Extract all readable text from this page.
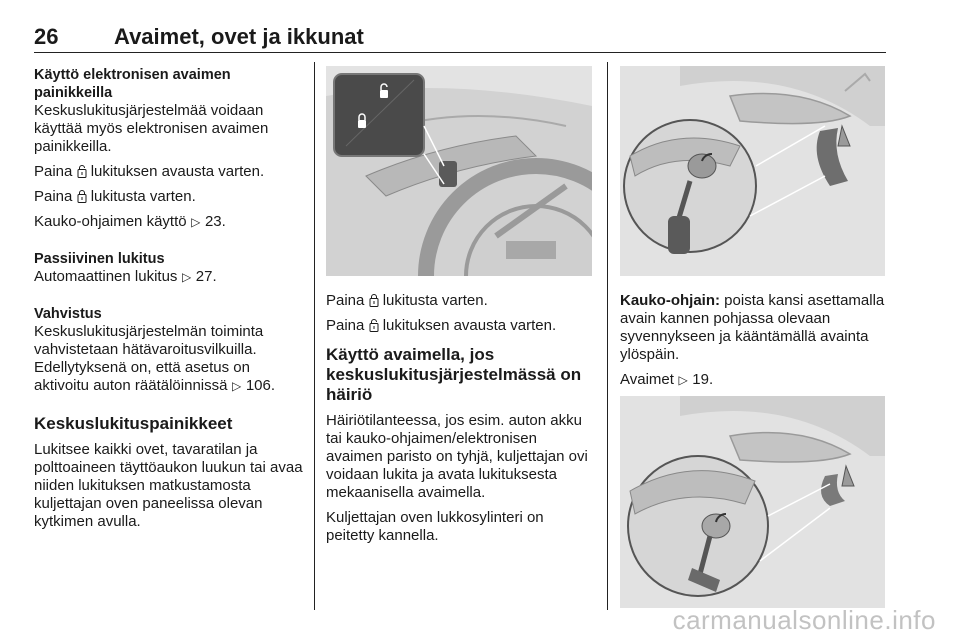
26	Avaimet, ovet ja ikkunat
Käyttö elektronisen avaimen painikkeilla

Keskuslukitusjärjestelmää voidaan käyttää myös elektronisen avaimen painikkeilla.

Paina lukituksen avausta varten.

Paina lukitusta varten.

Kauko-ohjaimen käyttö ▷ 23.

Passiivinen lukitus

Automaattinen lukitus ▷ 27.

Vahvistus

Keskuslukitusjärjestelmän toiminta vahvistetaan hätävaroitusvilkuilla. Edellytyksenä on, että asetus on aktivoitu auton räätälöinnissä ▷ 106.

Keskuslukituspainikkeet

Lukitsee kaikki ovet, tavaratilan ja polttoaineen täyttöaukon luukun tai avaa niiden lukituksen matkustamosta kuljettajan oven paneelissa olevan kytkimen avulla.

Paina lukitusta varten.

Paina lukituksen avausta varten.

Käyttö avaimella, jos keskuslukitusjärjestelmässä on häiriö

Häiriötilanteessa, jos esim. auton akku tai kauko-ohjaimen/elektronisen avaimen paristo on tyhjä, kuljettajan ovi voidaan lukita ja avata lukituksesta mekaanisella avaimella.

Kuljettajan oven lukkosylinteri on peitetty kannella.

Kauko-ohjain: poista kansi asettamalla avain kannen pohjassa olevaan syvennykseen ja kääntämällä avainta ylöspäin.

Avaimet ▷ 19.

carmanualsonline.info
